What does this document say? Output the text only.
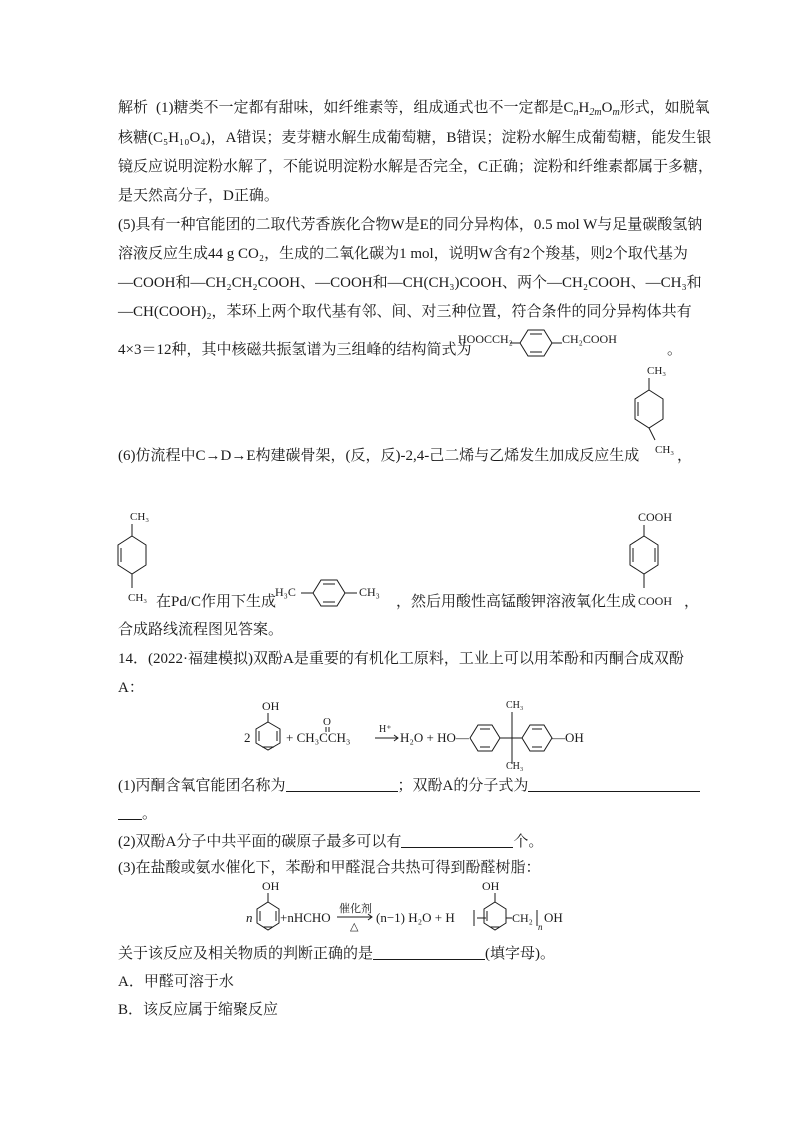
解析 (1)糖类不一定都有甜味，如纤维素等，组成通式也不一定都是$C_nH_{2m}O_m$形式，如脱氧
核糖(C₅H₁₀O₄)，A错误；麦芽糖水解生成葡萄糖，B错误；淀粉水解生成葡萄糖，能发生银
镜反应说明淀粉水解了，不能说明淀粉水解是否完全，C正确；淀粉和纤维素都属于多糖，
是天然高分子，D正确。
(5)具有一种官能团的二取代芳香族化合物W是E的同分异构体，0.5 mol W与足量碳酸氢钠
溶液反应生成44 g CO₂，生成的二氧化碳为1 mol，说明W含有2个羧基，则2个取代基为
—COOH和—CH₂CH₂COOH、—COOH和—CH(CH₃)COOH、两个—CH₂COOH、—CH₃和
—CH(COOH)₂，苯环上两个取代基有邻、间、对三种位置，符合条件的同分异构体共有
4×3＝12种，其中核磁共振氢谱为三组峰的结构简式为
HOOCCH₂	CH₂COOH
。
CH₃
CH₃
(6)仿流程中C→D→E构建碳骨架，(反，反)-2,4-己二烯与乙烯发生加成反应生成	，
CH₃
CH₃ 在Pd/C作用下生成
H₃C	CH₃
，然后用酸性高锰酸钾溶液氧化生成
COOH
COOH ，
合成路线流程图见答案。
14．(2022·福建模拟)双酚A是重要的有机化工原料，工业上可以用苯酚和丙酮合成双酚
A：
2
OH
+ CH₃CCH₃
O
H⁺
H₂O + HO—
CH₃
CH₃
—OH
(1)丙酮含氧官能团名称为	；双酚A的分子式为
。
(2)双酚A分子中共平面的碳原子最多可以有	个。
(3)在盐酸或氨水催化下，苯酚和甲醛混合共热可得到酚醛树脂：
n
OH
+nHCHO
催化剂
△
(n−1) H₂O + H
OH
CH₂
n
OH
关于该反应及相关物质的判断正确的是	(填字母)。
A．甲醛可溶于水
B．该反应属于缩聚反应
